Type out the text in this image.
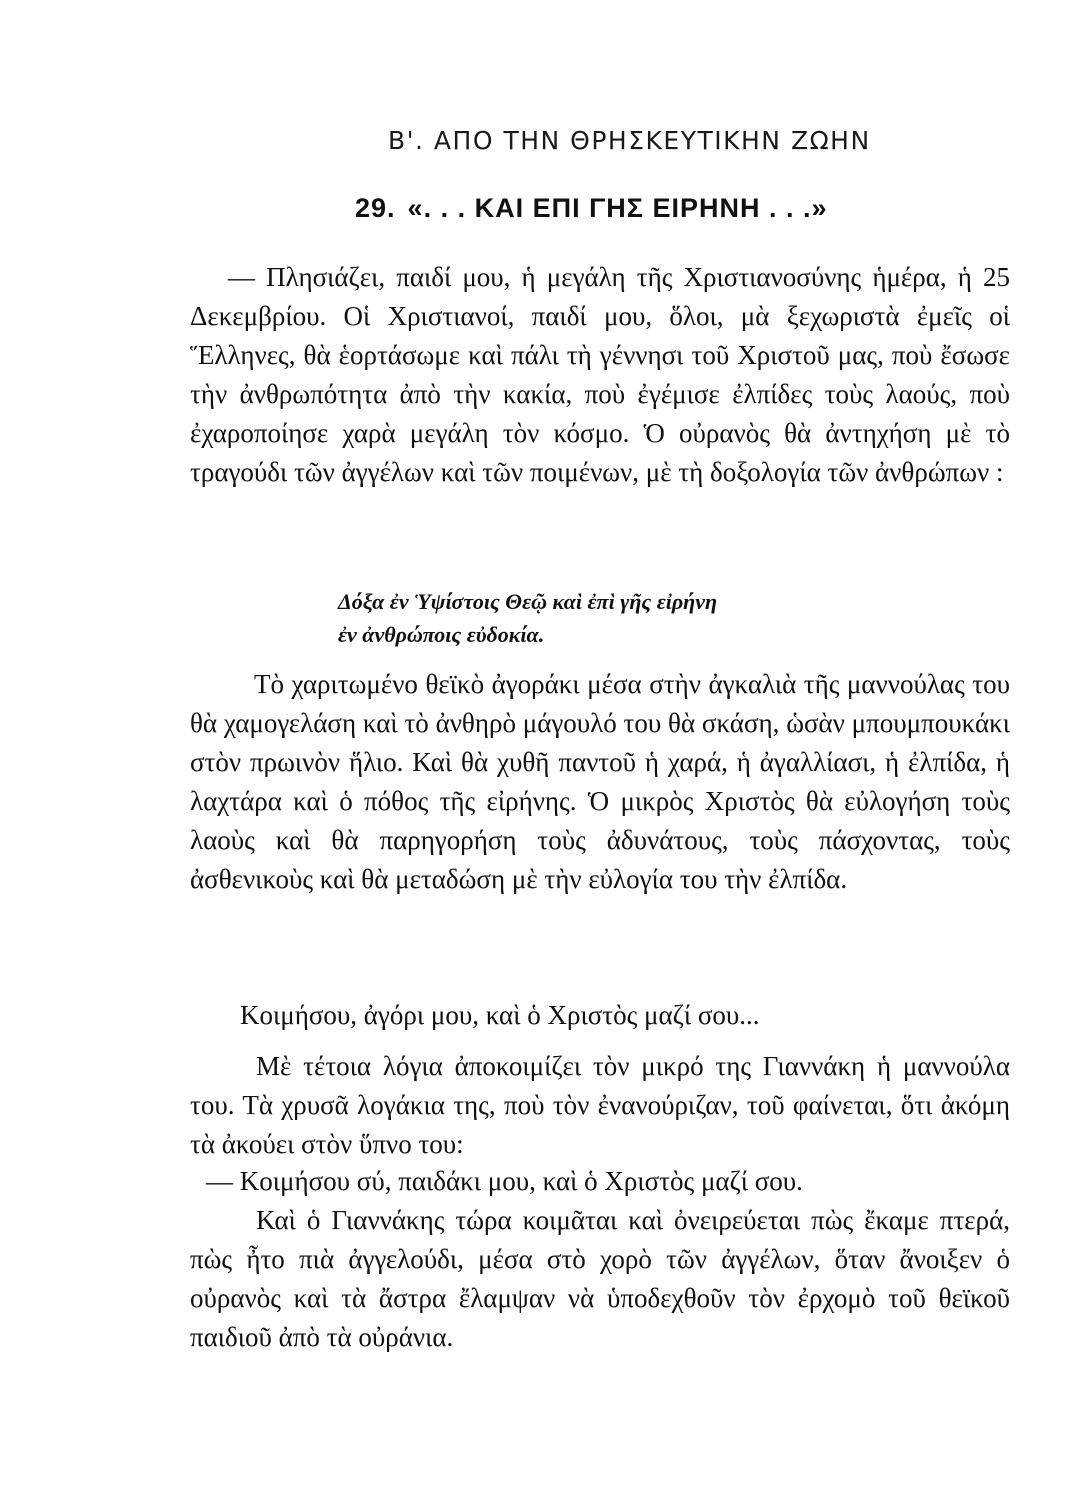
Β'. ΑΠΟ ΤΗΝ ΘΡΗΣΚΕΥΤΙΚΗΝ ΖΩΗΝ
29. «. . . ΚΑΙ ΕΠΙ ΓΗΣ ΕΙΡΗΝΗ . . .»

— Πλησιάζει, παιδί μου, ἡ μεγάλη τῆς Χριστιανοσύνης ἡμέρα, ἡ 25 Δεκεμβρίου. Οἱ Χριστιανοί, παιδί μου, ὅλοι, μὰ ξεχωριστὰ ἐμεῖς οἱ Ἕλληνες, θὰ ἑορτάσωμε καὶ πάλι τὴ γέννησι τοῦ Χριστοῦ μας, ποὺ ἔσωσε τὴν ἀνθρωπότητα ἀπὸ τὴν κακία, ποὺ ἐγέμισε ἐλπίδες τοὺς λαούς, ποὺ ἐχαροποίησε χαρὰ μεγάλη τὸν κόσμο. Ὁ οὐρανὸς θὰ ἀντηχήση μὲ τὸ τραγούδι τῶν ἀγγέλων καὶ τῶν ποιμένων, μὲ τὴ δοξολογία τῶν ἀνθρώπων :

Δόξα ἐν Ὑψίστοις Θεῷ καὶ ἐπὶ γῆς εἰρήνη
ἐν ἀνθρώποις εὐδοκία.

Τὸ χαριτωμένο θεϊκὸ ἀγοράκι μέσα στὴν ἀγκαλιὰ τῆς μαννούλας του θὰ χαμογελάση καὶ τὸ ἀνθηρὸ μάγουλό του θὰ σκάση, ὡσὰν μπουμπουκάκι στὸν πρωινὸν ἥλιο. Καὶ θὰ χυθῆ παντοῦ ἡ χαρά, ἡ ἀγαλλίασι, ἡ ἐλπίδα, ἡ λαχτάρα καὶ ὁ πόθος τῆς εἰρήνης. Ὁ μικρὸς Χριστὸς θὰ εὐλογήση τοὺς λαοὺς καὶ θὰ παρηγορήση τοὺς ἀδυνάτους, τοὺς πάσχοντας, τοὺς ἀσθενικοὺς καὶ θὰ μεταδώση μὲ τὴν εὐλογία του τὴν ἐλπίδα.

Κοιμήσου, ἀγόρι μου, καὶ ὁ Χριστὸς μαζί σου...

Μὲ τέτοια λόγια ἀποκοιμίζει τὸν μικρό της Γιαννάκη ἡ μαννούλα του. Τὰ χρυσᾶ λογάκια της, ποὺ τὸν ἐνανούριζαν, τοῦ φαίνεται, ὅτι ἀκόμη τὰ ἀκούει στὸν ὕπνο του:

— Κοιμήσου σύ, παιδάκι μου, καὶ ὁ Χριστὸς μαζί σου.

Καὶ ὁ Γιαννάκης τώρα κοιμᾶται καὶ ὀνειρεύεται πὼς ἔκαμε πτερά, πὼς ἦτο πιὰ ἀγγελούδι, μέσα στὸ χορὸ τῶν ἀγγέλων, ὅταν ἄνοιξεν ὁ οὐρανὸς καὶ τὰ ἄστρα ἔλαμψαν νὰ ὑποδεχθοῦν τὸν ἐρχομὸ τοῦ θεϊκοῦ παιδιοῦ ἀπὸ τὰ οὐράνια.
